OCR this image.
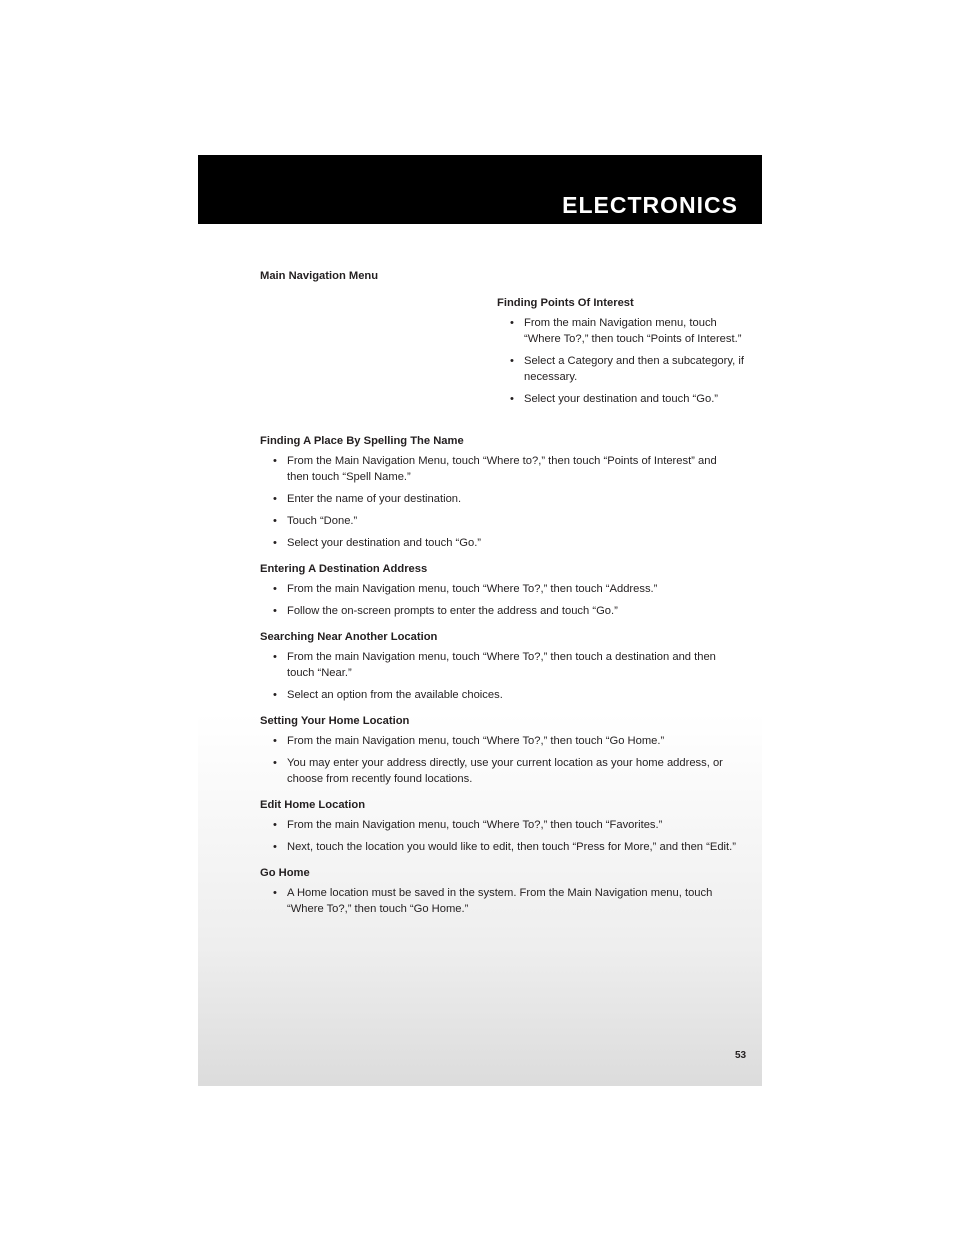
ELECTRONICS
Main Navigation Menu
Finding Points Of Interest
• From the main Navigation menu, touch “Where To?,” then touch “Points of Interest.”
• Select a Category and then a subcategory, if necessary.
• Select your destination and touch “Go.”
Finding A Place By Spelling The Name
• From the Main Navigation Menu, touch “Where to?,” then touch “Points of Interest” and then touch “Spell Name.”
• Enter the name of your destination.
• Touch “Done.”
• Select your destination and touch “Go.”
Entering A Destination Address
• From the main Navigation menu, touch “Where To?,” then touch “Address.”
• Follow the on-screen prompts to enter the address and touch “Go.”
Searching Near Another Location
• From the main Navigation menu, touch “Where To?,” then touch a destination and then touch “Near.”
• Select an option from the available choices.
Setting Your Home Location
• From the main Navigation menu, touch “Where To?,” then touch “Go Home.”
• You may enter your address directly, use your current location as your home address, or choose from recently found locations.
Edit Home Location
• From the main Navigation menu, touch “Where To?,” then touch “Favorites.”
• Next, touch the location you would like to edit, then touch “Press for More,” and then “Edit.”
Go Home
• A Home location must be saved in the system. From the Main Navigation menu, touch “Where To?,” then touch “Go Home.”
53
